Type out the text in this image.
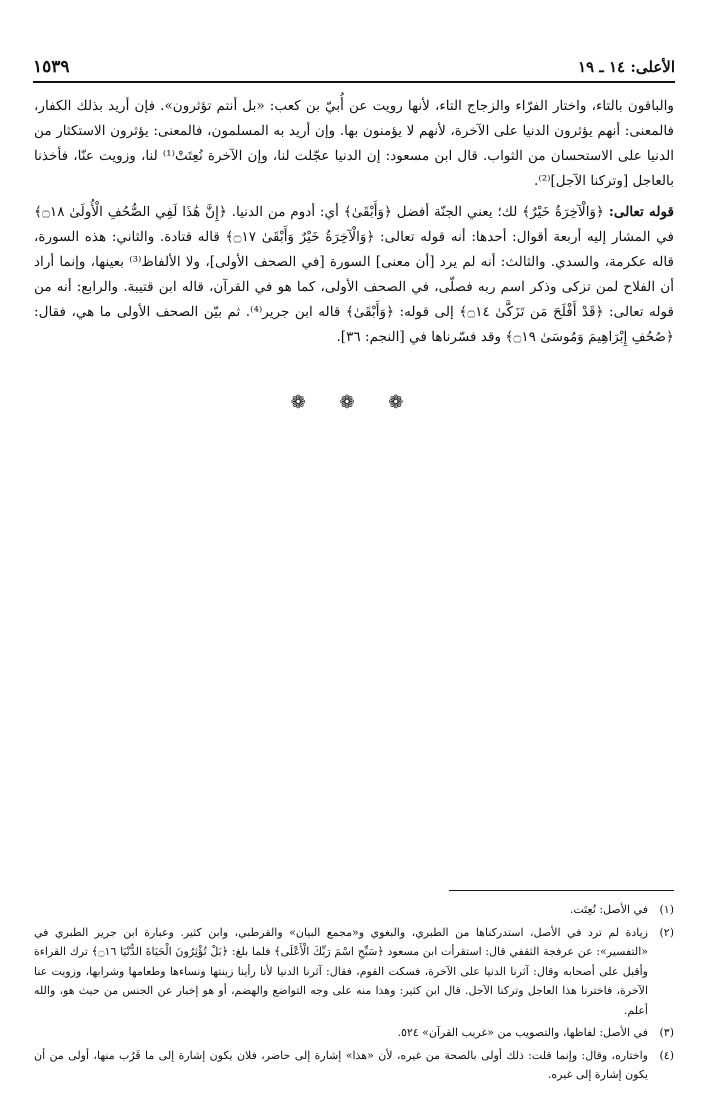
١٥٣٩	الأعلى: ١٤ ـ ١٩

والباقون بالتاء، واختار الفرّاء والزجاج التاء، لأنها رويت عن أُبيّ بن كعب: «بل أنتم تؤثرون». فإن أريد بذلك الكفار، فالمعنى: أنهم يؤثرون الدنيا على الآخرة، لأنهم لا يؤمنون بها. وإن أريد به المسلمون، فالمعنى: يؤثرون الاستكثار من الدنيا على الاستحسان من الثواب. قال ابن مسعود: إن الدنيا عجّلت لنا، وإن الآخرة نُعِتَتْ⁽¹⁾ لنا، وزويت عنّا، فأخذنا بالعاجل [وتركنا الآجل]⁽²⁾.

قوله تعالى: ﴿وَالْآخِرَةُ خَيْرٌ﴾ لك؛ يعني الجنّة أفضل ﴿وَأَبْقَىٰ﴾ أي: أدوم من الدنيا. ﴿إِنَّ هَٰذَا لَفِي الصُّحُفِ الْأُولَىٰ ۝١٨﴾ في المشار إليه أربعة أقوال: أحدها: أنه قوله تعالى: ﴿وَالْآخِرَةُ خَيْرٌ وَأَبْقَىٰ ۝١٧﴾ قاله قتادة. والثاني: هذه السورة، قاله عكرمة، والسدي. والثالث: أنه لم يرد [أن معنى] السورة [في الصحف الأولى]، ولا الألفاظ⁽³⁾ بعينها، وإنما أراد أن الفلاح لمن تزكى وذكر اسم ربه فصلّى، في الصحف الأولى، كما هو في القرآن، قاله ابن قتيبة. والرابع: أنه من قوله تعالى: ﴿قَدْ أَفْلَحَ مَن تَزَكَّىٰ ۝١٤﴾ إلى قوله: ﴿وَأَبْقَىٰ﴾ قاله ابن جرير⁽⁴⁾. ثم بيّن الصحف الأولى ما هي، فقال: ﴿صُحُفِ إِبْرَاهِيمَ وَمُوسَىٰ ۝١٩﴾ وقد فسّرناها في [النجم: ٣٦].

❁ ❁ ❁
(١)
في الأصل: نُعِتَت.
(٢)
زيادة لم ترد في الأصل، استدركناها من الطبري، والبغوي و«مجمع البيان» والقرطبي، وابن كثير. وعبارة ابن جرير الطبري في «التفسير»: عن عرفجة الثقفي قال: استقرأت ابن مسعود ﴿سَبِّحِ اسْمَ رَبِّكَ الْأَعْلَى﴾ فلما بلغ: ﴿بَلْ تُؤْثِرُونَ الْحَيَاةَ الدُّنْيَا ۝١٦﴾ ترك القراءة وأقبل على أصحابه وقال: آثرنا الدنيا على الآخرة، فسكت القوم، فقال: آثرنا الدنيا لأنا رأينا زينتها ونساءها وطعامها وشرابها، وزويت عنا الآخرة، فاخترنا هذا العاجل وتركنا الآجل. قال ابن كثير: وهذا منه على وجه التواضع والهضم، أو هو إخبار عن الجنس من حيث هو، والله أعلم.
(٣)
في الأصل: لفاظها، والتصويب من «غريب القرآن» ٥٢٤.
(٤)
واختاره، وقال: وإنما قلت: ذلك أولى بالصحة من غيره، لأن «هذا» إشارة إلى حاضر، فلان يكون إشارة إلى ما قَرُب منها، أولى من أن يكون إشارة إلى غيره.
